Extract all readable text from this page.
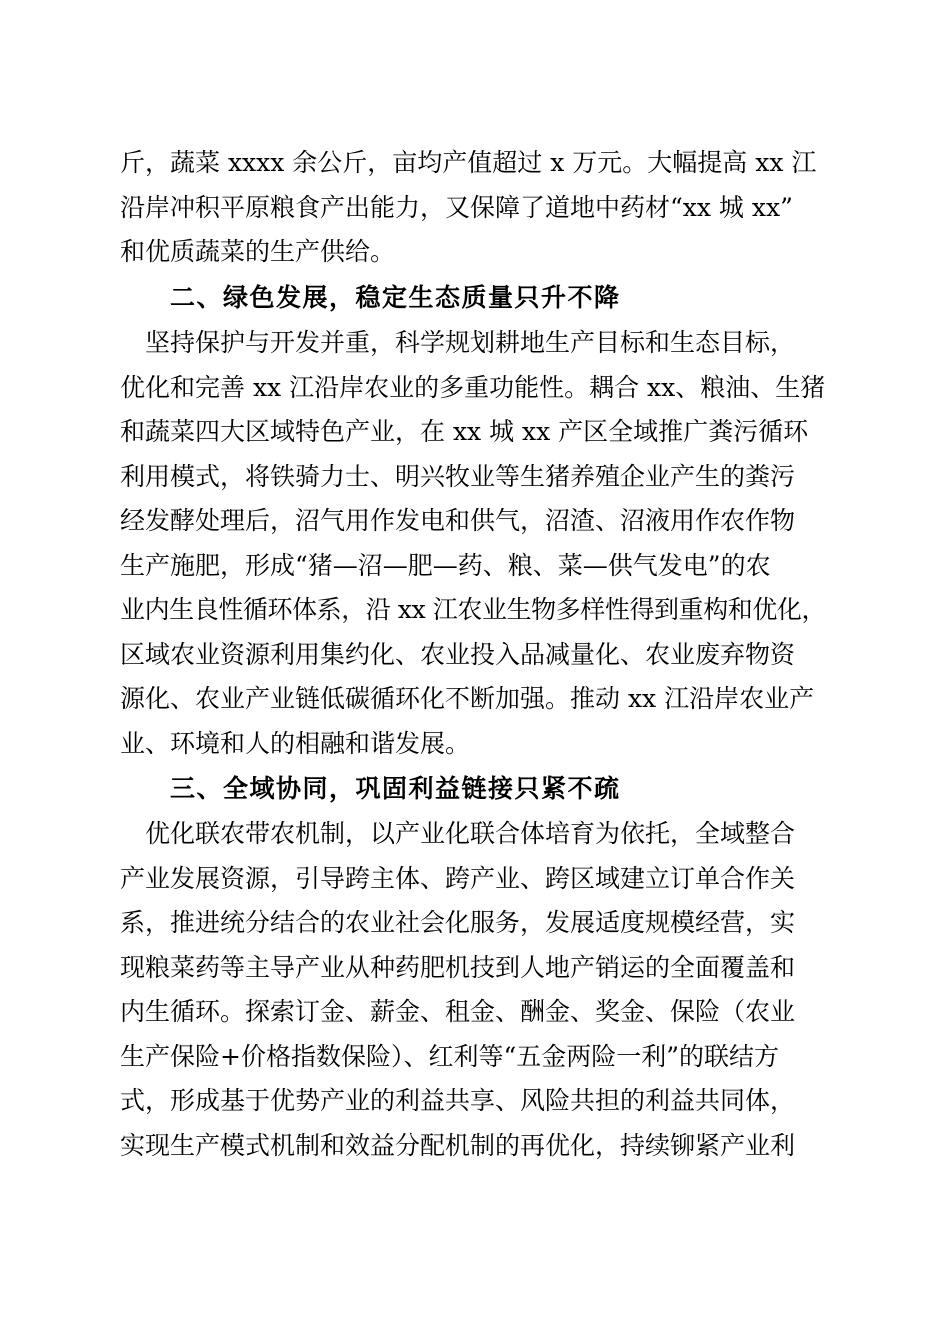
斤，蔬菜 xxxx 余公斤，亩均产值超过 x 万元。大幅提高 xx 江
沿岸冲积平原粮食产出能力，又保障了道地中药材“xx 城 xx”
和优质蔬菜的生产供给。
二、绿色发展，稳定生态质量只升不降
坚持保护与开发并重，科学规划耕地生产目标和生态目标，
优化和完善 xx 江沿岸农业的多重功能性。耦合 xx、粮油、生猪
和蔬菜四大区域特色产业，在 xx 城 xx 产区全域推广粪污循环
利用模式，将铁骑力士、明兴牧业等生猪养殖企业产生的粪污
经发酵处理后，沼气用作发电和供气，沼渣、沼液用作农作物
生产施肥，形成“猪—沼—肥—药、粮、菜—供气发电”的农
业内生良性循环体系，沿 xx 江农业生物多样性得到重构和优化，
区域农业资源利用集约化、农业投入品减量化、农业废弃物资
源化、农业产业链低碳循环化不断加强。推动 xx 江沿岸农业产
业、环境和人的相融和谐发展。
三、全域协同，巩固利益链接只紧不疏
优化联农带农机制，以产业化联合体培育为依托，全域整合
产业发展资源，引导跨主体、跨产业、跨区域建立订单合作关
系，推进统分结合的农业社会化服务，发展适度规模经营，实
现粮菜药等主导产业从种药肥机技到人地产销运的全面覆盖和
内生循环。探索订金、薪金、租金、酬金、奖金、保险（农业
生产保险+价格指数保险）、红利等“五金两险一利”的联结方
式，形成基于优势产业的利益共享、风险共担的利益共同体，
实现生产模式机制和效益分配机制的再优化，持续铆紧产业利
